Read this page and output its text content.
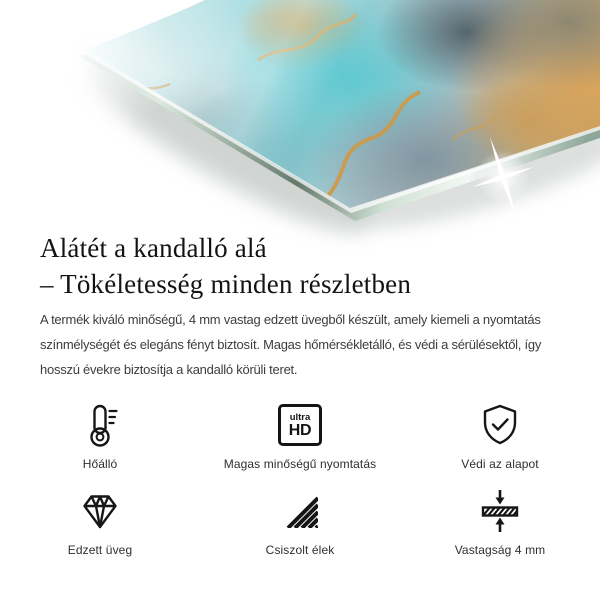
Alátét a kandalló alá
– Tökéletesség minden részletben

A termék kiváló minőségű, 4 mm vastag edzett üvegből készült, amely kiemeli a nyomtatás színmélységét és elegáns fényt biztosít. Magas hőmérsékletálló, és védi a sérülésektől, így hosszú évekre biztosítja a kandalló körüli teret.

Hőálló
ultra
HD
Magas minőségű nyomtatás	Védi az alapot
Edzett üveg	Csiszolt élek	Vastagság 4 mm
